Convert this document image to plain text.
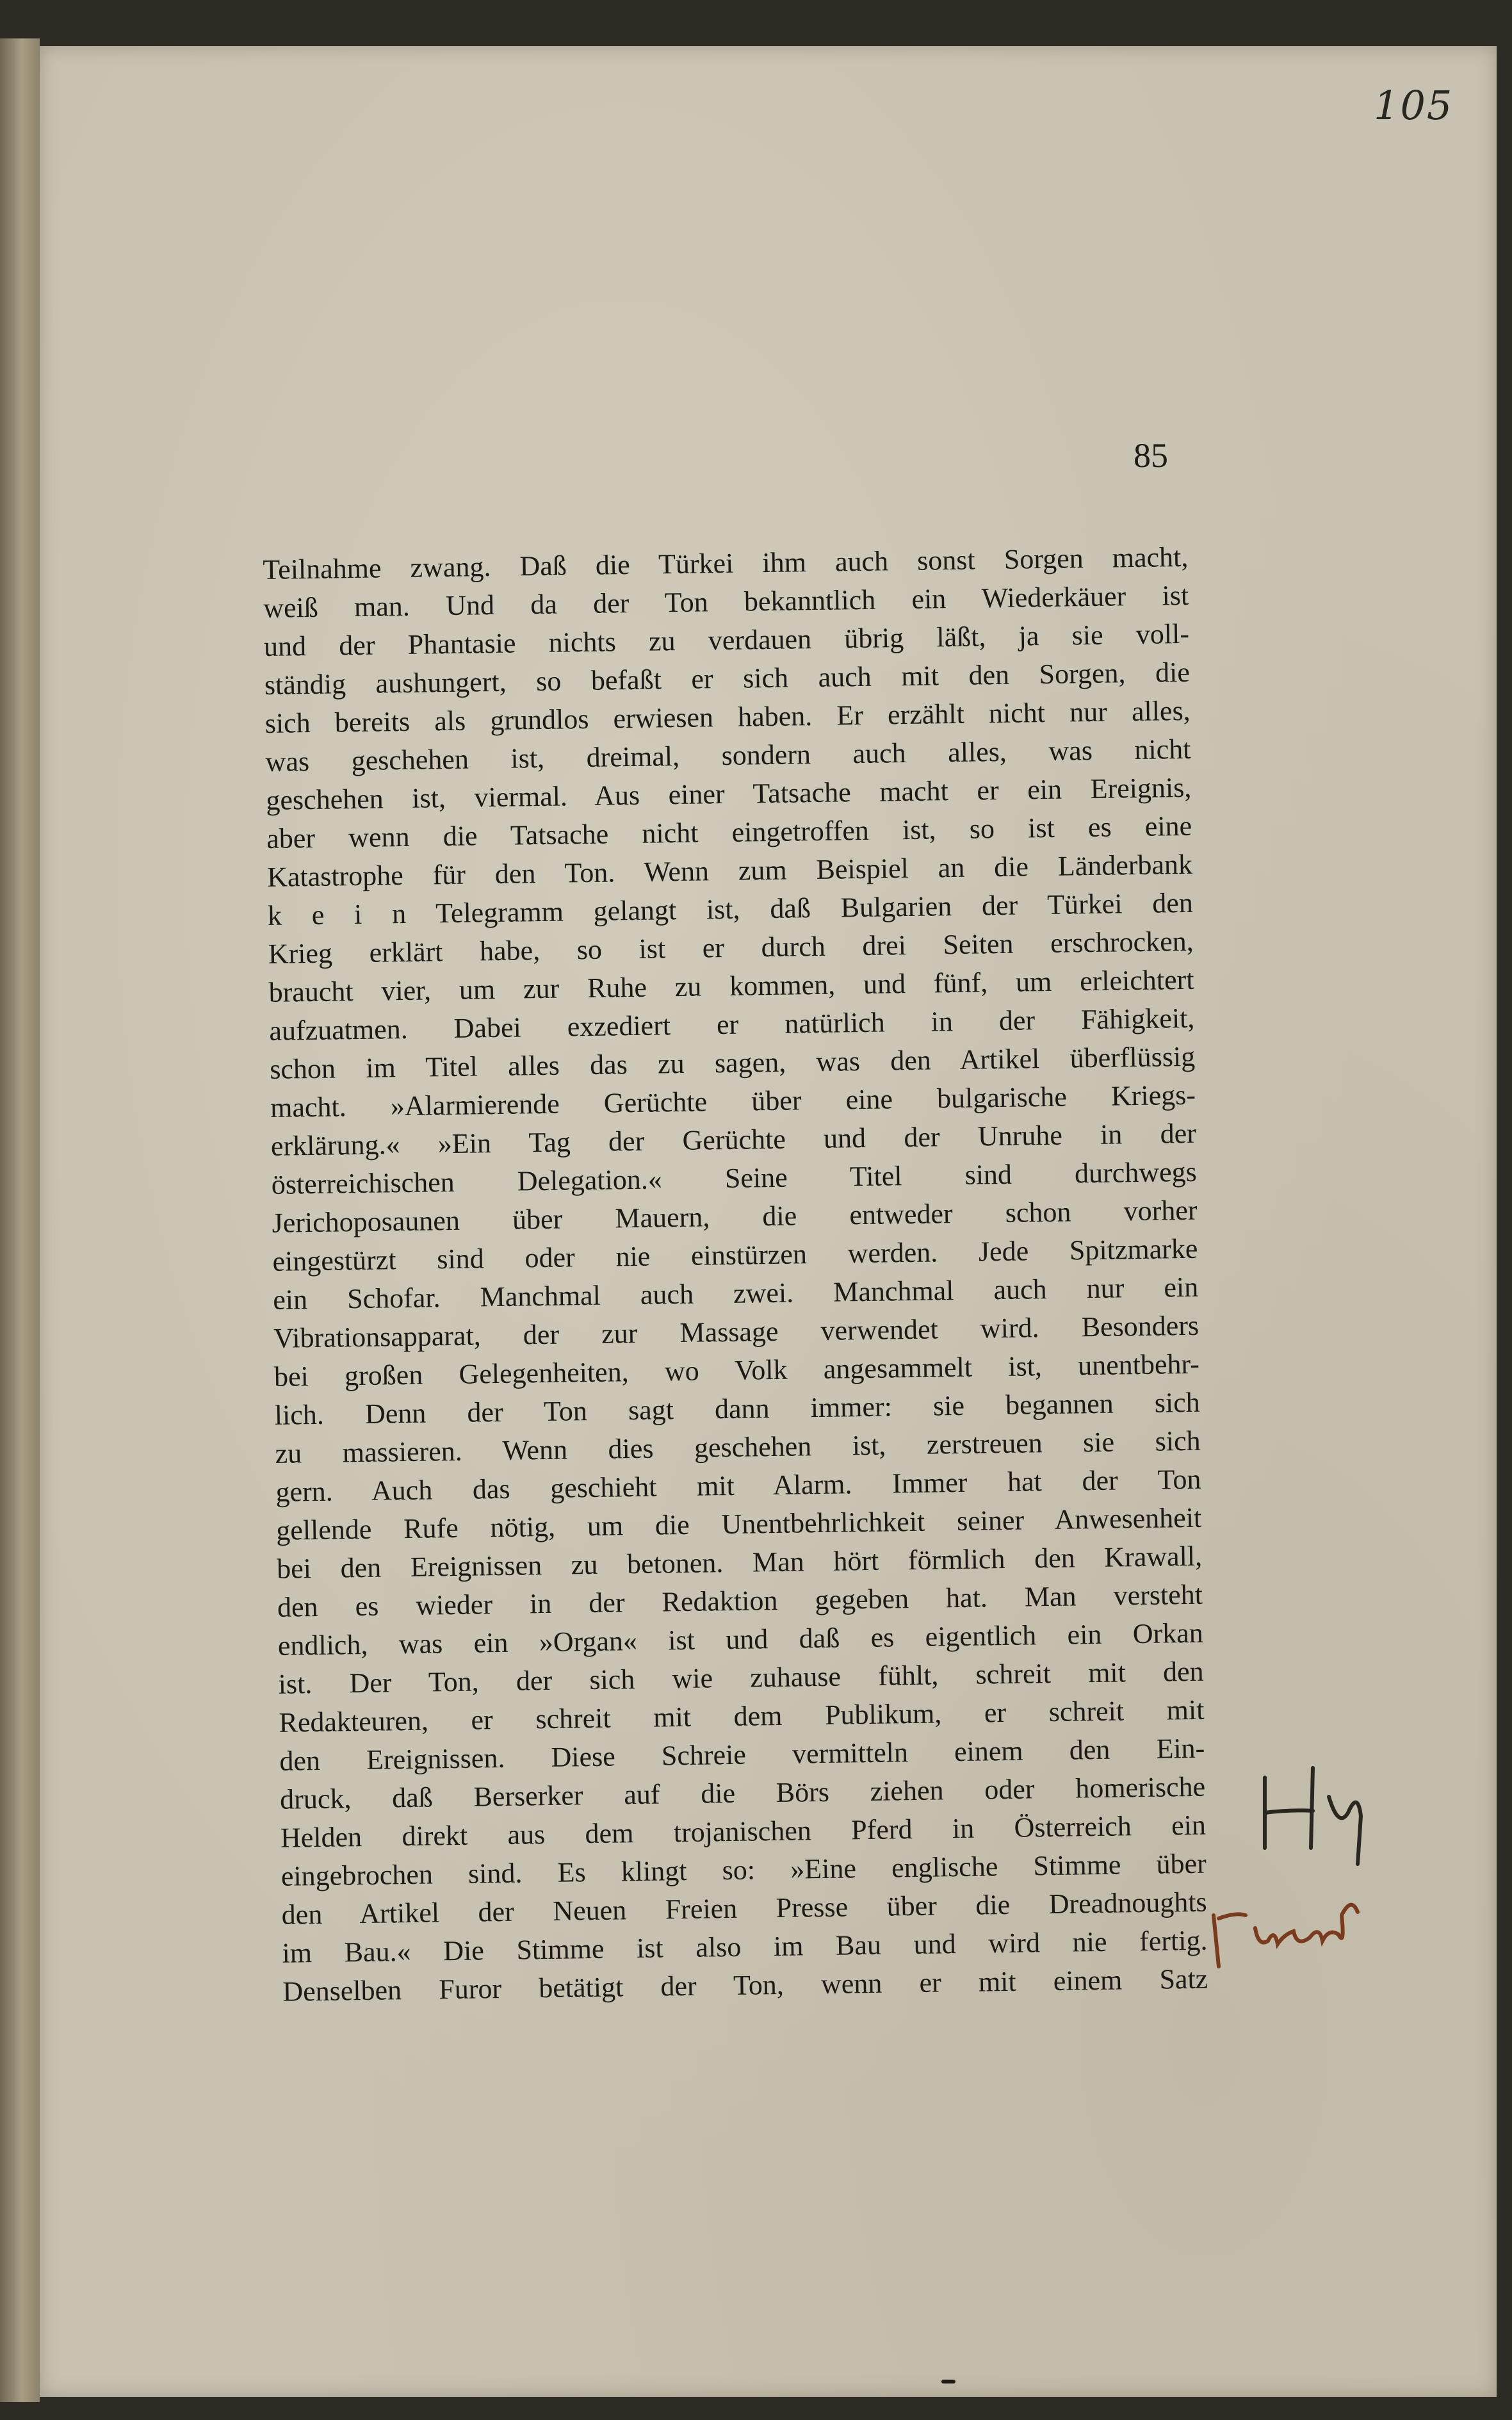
105
85
Teilnahme zwang. Daß die Türkei ihm auch sonst Sorgen macht,
weiß man. Und da der Ton bekanntlich ein Wiederkäuer ist
und der Phantasie nichts zu verdauen übrig läßt, ja sie voll-
ständig aushungert, so befaßt er sich auch mit den Sorgen, die
sich bereits als grundlos erwiesen haben. Er erzählt nicht nur alles,
was geschehen ist, dreimal, sondern auch alles, was nicht
geschehen ist, viermal. Aus einer Tatsache macht er ein Ereignis,
aber wenn die Tatsache nicht eingetroffen ist, so ist es eine
Katastrophe für den Ton. Wenn zum Beispiel an die Länderbank
k e i n Telegramm gelangt ist, daß Bulgarien der Türkei den
Krieg erklärt habe, so ist er durch drei Seiten erschrocken,
braucht vier, um zur Ruhe zu kommen, und fünf, um erleichtert
aufzuatmen. Dabei exzediert er natürlich in der Fähigkeit,
schon im Titel alles das zu sagen, was den Artikel überflüssig
macht. »Alarmierende Gerüchte über eine bulgarische Kriegs-
erklärung.« »Ein Tag der Gerüchte und der Unruhe in der
österreichischen Delegation.« Seine Titel sind durchwegs
Jerichoposaunen über Mauern, die entweder schon vorher
eingestürzt sind oder nie einstürzen werden. Jede Spitzmarke
ein Schofar. Manchmal auch zwei. Manchmal auch nur ein
Vibrationsapparat, der zur Massage verwendet wird. Besonders
bei großen Gelegenheiten, wo Volk angesammelt ist, unentbehr-
lich. Denn der Ton sagt dann immer: sie begannen sich
zu massieren. Wenn dies geschehen ist, zerstreuen sie sich
gern. Auch das geschieht mit Alarm. Immer hat der Ton
gellende Rufe nötig, um die Unentbehrlichkeit seiner Anwesenheit
bei den Ereignissen zu betonen. Man hört förmlich den Krawall,
den es wieder in der Redaktion gegeben hat. Man versteht
endlich, was ein »Organ« ist und daß es eigentlich ein Orkan
ist. Der Ton, der sich wie zuhause fühlt, schreit mit den
Redakteuren, er schreit mit dem Publikum, er schreit mit
den Ereignissen. Diese Schreie vermitteln einem den Ein-
druck, daß Berserker auf die Börs ziehen oder homerische
Helden direkt aus dem trojanischen Pferd in Österreich ein
eingebrochen sind. Es klingt so: »Eine englische Stimme über
den Artikel der Neuen Freien Presse über die Dreadnoughts
im Bau.« Die Stimme ist also im Bau und wird nie fertig.
Denselben Furor betätigt der Ton, wenn er mit einem Satz
